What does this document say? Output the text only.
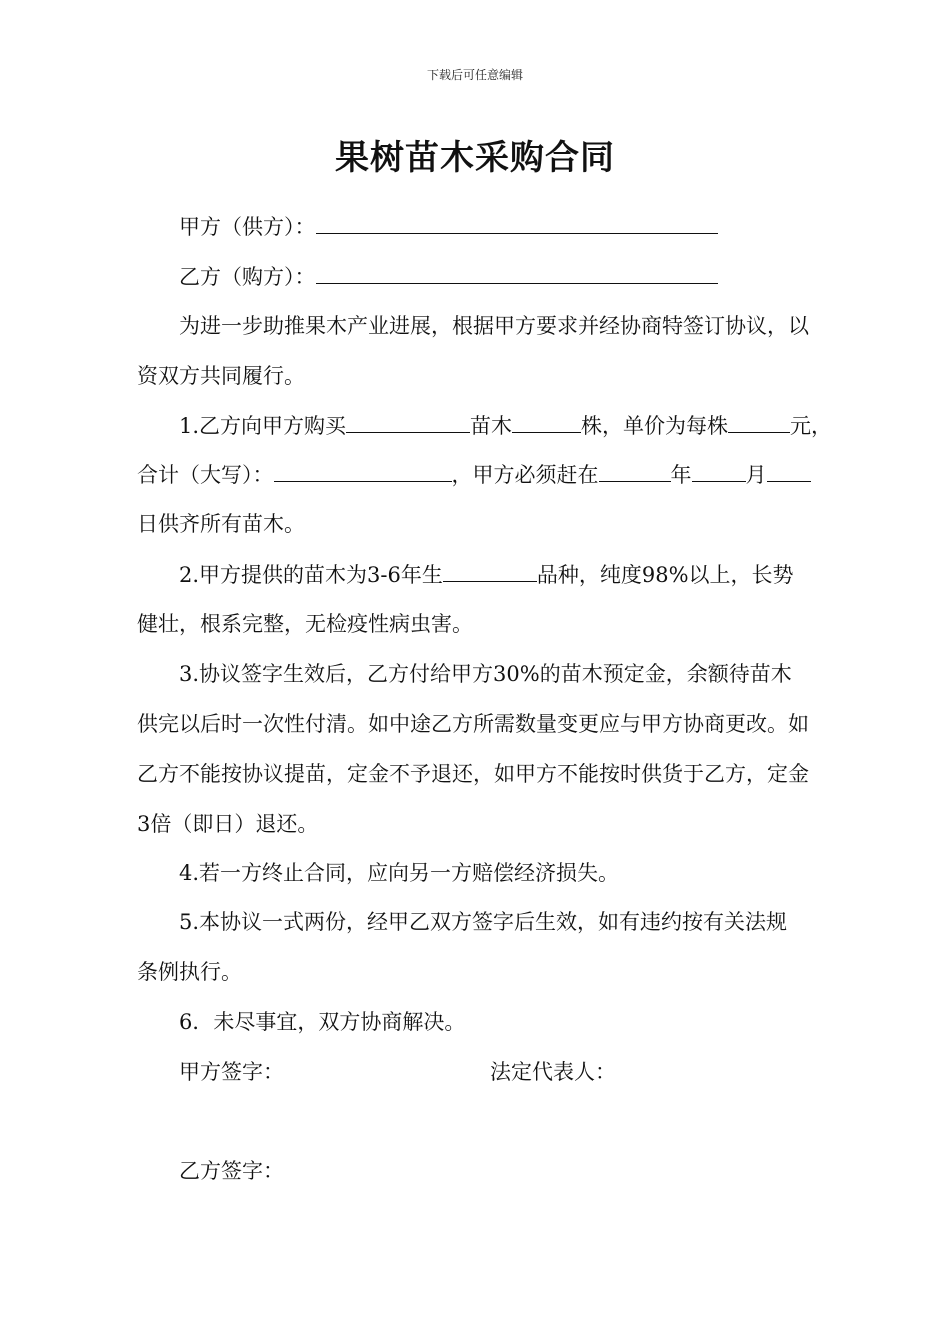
下载后可任意编辑
果树苗木采购合同
甲方（供方）：
乙方（购方）：
为进一步助推果木产业进展，根据甲方要求并经协商特签订协议，以
资双方共同履行。
1.乙方向甲方购买	苗木	株，单价为每株	元，
合计（大写）：	，甲方必须赶在	年	月
日供齐所有苗木。
2.甲方提供的苗木为3-6年生	品种，纯度98%以上，长势
健壮，根系完整，无检疫性病虫害。
3.协议签字生效后，乙方付给甲方30%的苗木预定金，余额待苗木
供完以后时一次性付清。如中途乙方所需数量变更应与甲方协商更改。如
乙方不能按协议提苗，定金不予退还，如甲方不能按时供货于乙方，定金
3倍（即日）退还。
4.若一方终止合同，应向另一方赔偿经济损失。
5.本协议一式两份，经甲乙双方签字后生效，如有违约按有关法规
条例执行。
6．未尽事宜，双方协商解决。
甲方签字：	法定代表人：
乙方签字：
